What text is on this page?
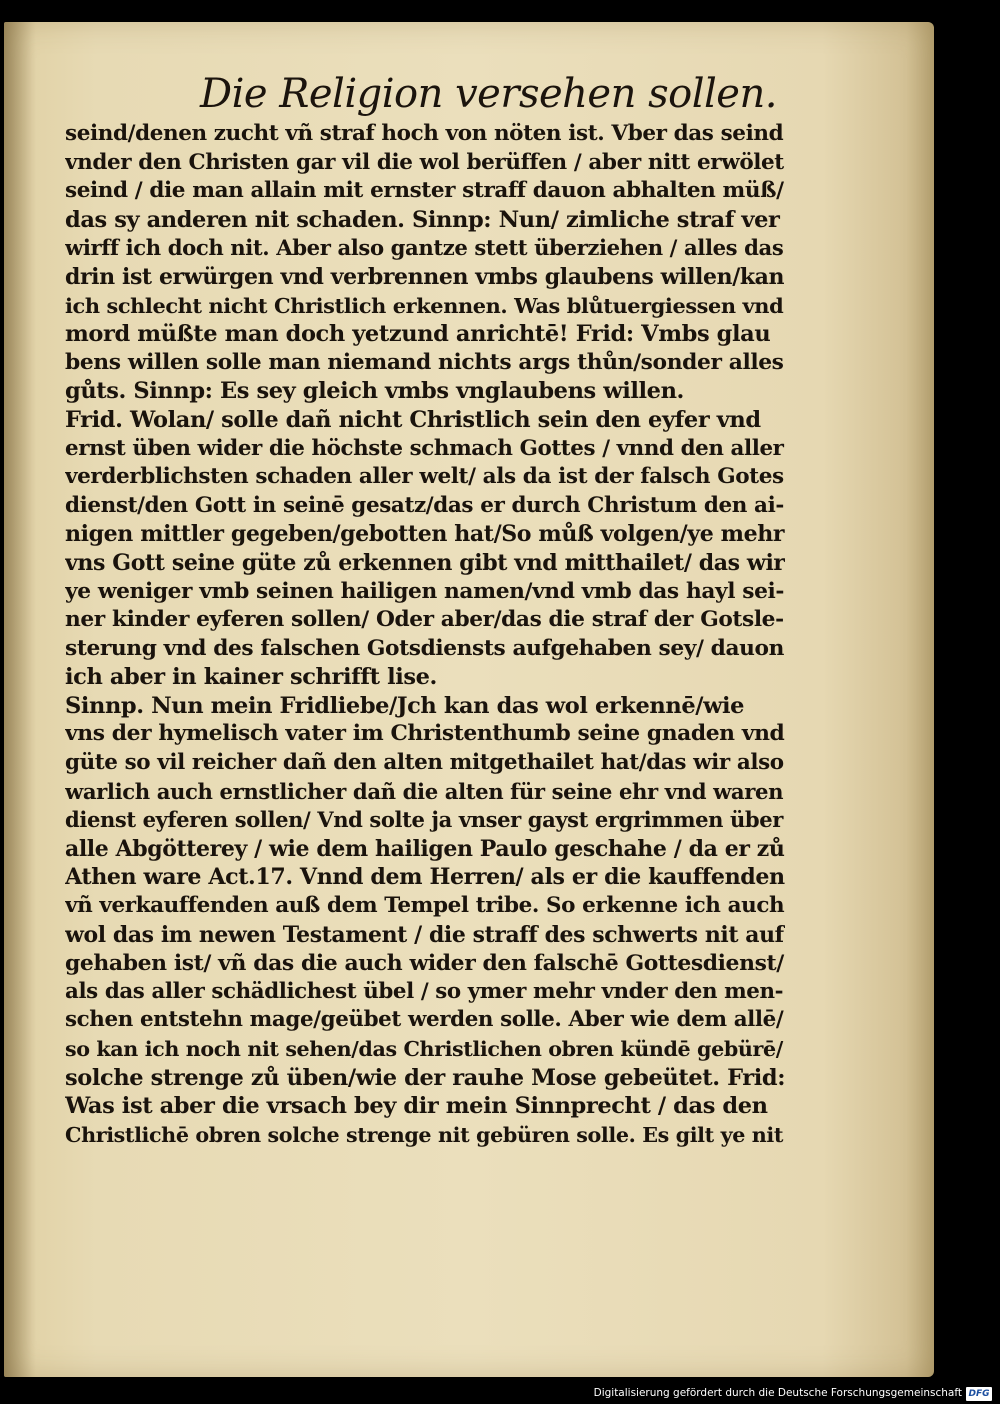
Die Religion versehen sollen.
seind/denen zucht vñ straf hoch von nöten ist. Vber das seind
vnder den Christen gar vil die wol berüffen / aber nitt erwölet
seind / die man allain mit ernster straff dauon abhalten müß/
das sy anderen nit schaden. Sinnp: Nun/ zimliche straf ver
wirff ich doch nit. Aber also gantze stett überziehen / alles das
drin ist erwürgen vnd verbrennen vmbs glaubens willen/kan
ich schlecht nicht Christlich erkennen. Was blůtuergiessen vnd
mord müßte man doch yetzund anrichtē! Frid: Vmbs glau
bens willen solle man niemand nichts args thůn/sonder alles
gůts. Sinnp: Es sey gleich vmbs vnglaubens willen.
Frid. Wolan/ solle dañ nicht Christlich sein den eyfer vnd
ernst üben wider die höchste schmach Gottes / vnnd den aller
verderblichsten schaden aller welt/ als da ist der falsch Gotes
dienst/den Gott in seinē gesatz/das er durch Christum den ai-
nigen mittler gegeben/gebotten hat/So můß volgen/ye mehr
vns Gott seine güte zů erkennen gibt vnd mitthailet/ das wir
ye weniger vmb seinen hailigen namen/vnd vmb das hayl sei-
ner kinder eyferen sollen/ Oder aber/das die straf der Gotsle-
sterung vnd des falschen Gotsdiensts aufgehaben sey/ dauon
ich aber in kainer schrifft lise.
Sinnp. Nun mein Fridliebe/Jch kan das wol erkennē/wie
vns der hymelisch vater im Christenthumb seine gnaden vnd
güte so vil reicher dañ den alten mitgethailet hat/das wir also
warlich auch ernstlicher dañ die alten für seine ehr vnd waren
dienst eyferen sollen/ Vnd solte ja vnser gayst ergrimmen über
alle Abgötterey / wie dem hailigen Paulo geschahe / da er zů
Athen ware Act.17. Vnnd dem Herren/ als er die kauffenden
vñ verkauffenden auß dem Tempel tribe. So erkenne ich auch
wol das im newen Testament / die straff des schwerts nit auf
gehaben ist/ vñ das die auch wider den falschē Gottesdienst/
als das aller schädlichest übel / so ymer mehr vnder den men-
schen entstehn mage/geübet werden solle. Aber wie dem allē/
so kan ich noch nit sehen/das Christlichen obren kündē gebürē/
solche strenge zů üben/wie der rauhe Mose gebeütet. Frid:
Was ist aber die vrsach bey dir mein Sinnprecht / das den
Christlichē obren solche strenge nit gebüren solle. Es gilt ye nit
Digitalisierung gefördert durch die Deutsche Forschungsgemeinschaft DFG
